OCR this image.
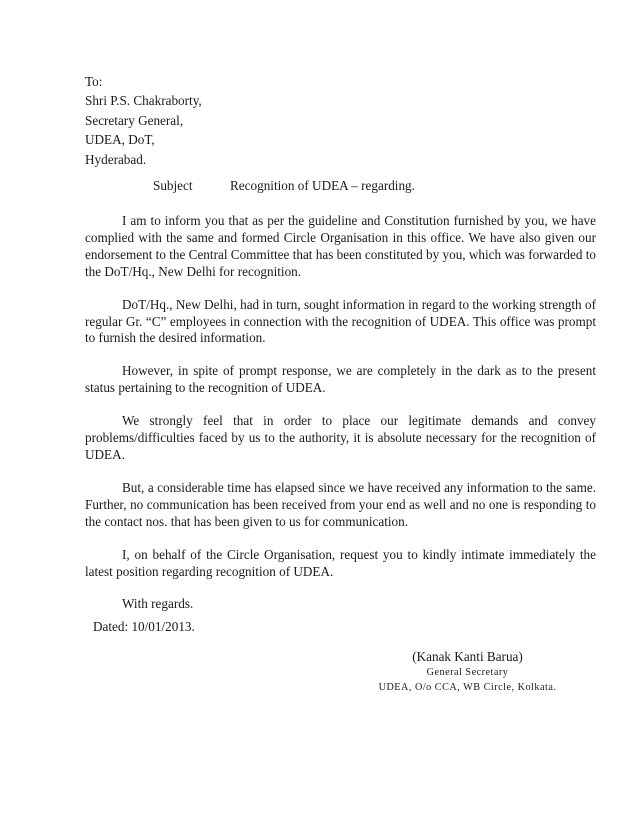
To:
Shri P.S. Chakraborty,
Secretary General,
UDEA, DoT,
Hyderabad.
Subject	Recognition of UDEA – regarding.

I am to inform you that as per the guideline and Constitution furnished by you, we have complied with the same and formed Circle Organisation in this office. We have also given our endorsement to the Central Committee that has been constituted by you, which was forwarded to the DoT/Hq., New Delhi for recognition.

DoT/Hq., New Delhi, had in turn, sought information in regard to the working strength of regular Gr. “C” employees in connection with the recognition of UDEA. This office was prompt to furnish the desired information.

However, in spite of prompt response, we are completely in the dark as to the present status pertaining to the recognition of UDEA.

We strongly feel that in order to place our legitimate demands and convey problems/difficulties faced by us to the authority, it is absolute necessary for the recognition of UDEA.

But, a considerable time has elapsed since we have received any information to the same. Further, no communication has been received from your end as well and no one is responding to the contact nos. that has been given to us for communication.

I, on behalf of the Circle Organisation, request you to kindly intimate immediately the latest position regarding recognition of UDEA.

With regards.

Dated: 10/01/2013.
(Kanak Kanti Barua)
General Secretary
UDEA, O/o CCA, WB Circle, Kolkata.
